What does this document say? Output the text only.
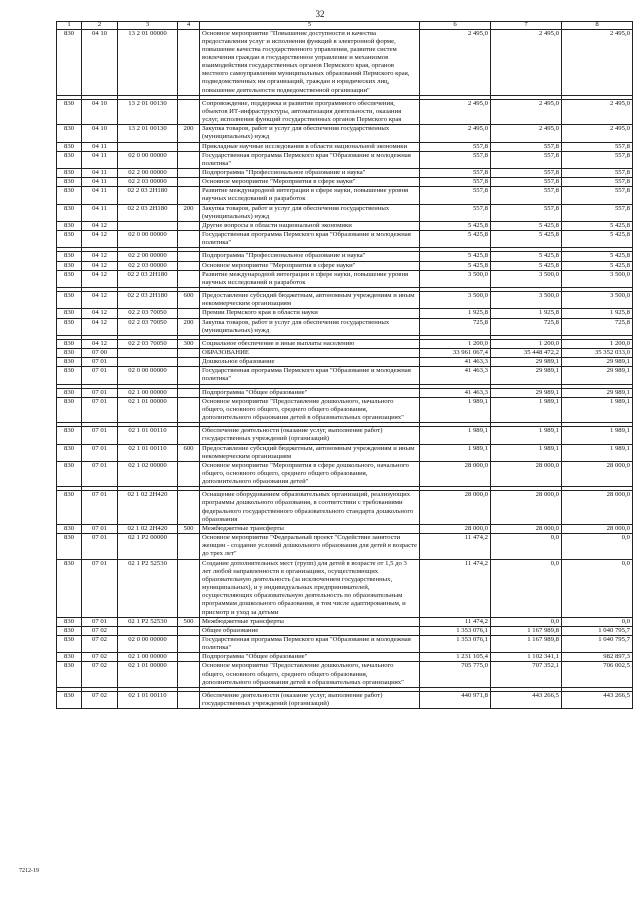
32
1	2	3	4	5	6	7	8
830	04 10	13 2 01 00000		Основное мероприятие "Повышение доступности и качества предоставления услуг и исполнения функций в электронной форме, повышение качества государственного управления, развитие систем вовлечения граждан в государственное управление и механизмов взаимодействия государственных органов Пермского края, органов местного самоуправления муниципальных образований Пермского края, подведомственных им организаций, граждан и юридических лиц, повышение деятельности подведомственной организации"	2 495,0	2 495,0	2 495,0

830	04 10	13 2 01 00130		Сопровождение, поддержка и развитие программного обеспечения, объектов ИТ-инфраструктуры, автоматизация деятельности, оказания услуг, исполнения функций государственных органов Пермского края	2 495,0	2 495,0	2 495,0
830	04 10	13 2 01 00130	200	Закупка товаров, работ и услуг для обеспечения государственных (муниципальных) нужд	2 495,0	2 495,0	2 495,0
830	04 11			Прикладные научные исследования в области национальной экономики	557,8	557,8	557,8
830	04 11	02 0 00 00000		Государственная программа Пермского края "Образование и молодежная политика"	557,8	557,8	557,8
830	04 11	02 2 00 00000		Подпрограмма "Профессиональное образование и наука"	557,8	557,8	557,8
830	04 11	02 2 03 00000		Основное мероприятие "Мероприятия в сфере науки"	557,8	557,8	557,8
830	04 11	02 2 03 2Н180		Развитие международной интеграции в сфере науки, повышение уровня научных исследований и разработок	557,8	557,8	557,8
830	04 11	02 2 03 2Н180	200	Закупка товаров, работ и услуг для обеспечения государственных (муниципальных) нужд	557,8	557,8	557,8
830	04 12			Другие вопросы в области национальной экономики	5 425,8	5 425,8	5 425,8
830	04 12	02 0 00 00000		Государственная программа Пермского края "Образование и молодежная политика"	5 425,8	5 425,8	5 425,8

830	04 12	02 2 00 00000		Подпрограмма "Профессиональное образование и наука"	5 425,8	5 425,8	5 425,8
830	04 12	02 2 03 00000		Основное мероприятие "Мероприятия в сфере науки"	5 425,8	5 425,8	5 425,8
830	04 12	02 2 03 2Н180		Развитие международной интеграции в сфере науки, повышение уровня научных исследований и разработок	3 500,0	3 500,0	3 500,0

830	04 12	02 2 03 2Н180	600	Предоставление субсидий бюджетным, автономным учреждениям и иным некоммерческим организациям	3 500,0	3 500,0	3 500,0
830	04 12	02 2 03 70050		Премии Пермского края в области науки	1 925,8	1 925,8	1 925,8
830	04 12	02 2 03 70050	200	Закупка товаров, работ и услуг для обеспечения государственных (муниципальных) нужд	725,8	725,8	725,8

830	04 12	02 2 03 70050	300	Социальное обеспечение и иные выплаты населению	1 200,0	1 200,0	1 200,0
830	07 00			ОБРАЗОВАНИЕ	33 961 067,4	35 448 472,2	35 352 033,0
830	07 01			Дошкольное образование	41 463,3	29 989,1	29 989,1
830	07 01	02 0 00 00000		Государственная программа Пермского края "Образование и молодежная политика"	41 463,3	29 989,1	29 989,1

830	07 01	02 1 00 00000		Подпрограмма "Общее образование"	41 463,3	29 989,1	29 989,1
830	07 01	02 1 01 00000		Основное мероприятие "Предоставление дошкольного, начального общего, основного общего, среднего общего образования, дополнительного образования детей в образовательных организациях"	1 989,1	1 989,1	1 989,1

830	07 01	02 1 01 00110		Обеспечение деятельности (оказание услуг, выполнение работ) государственных учреждений (организаций)	1 989,1	1 989,1	1 989,1
830	07 01	02 1 01 00110	600	Предоставление субсидий бюджетным, автономным учреждениям и иным некоммерческим организациям	1 989,1	1 989,1	1 989,1
830	07 01	02 1 02 00000		Основное мероприятие "Мероприятия в сфере дошкольного, начального общего, основного общего, среднего общего образования, дополнительного образования детей"	28 000,0	28 000,0	28 000,0

830	07 01	02 1 02 2Н420		Оснащение оборудованием образовательных организаций, реализующих программы дошкольного образования, в соответствии с требованиями федерального государственного образовательного стандарта дошкольного образования	28 000,0	28 000,0	28 000,0
830	07 01	02 1 02 2Н420	500	Межбюджетные трансферты	28 000,0	28 000,0	28 000,0
830	07 01	02 1 Р2 00000		Основное мероприятие "Федеральный проект "Содействие занятости женщин - создание условий дошкольного образования для детей в возрасте до трех лет"	11 474,2	0,0	0,0
830	07 01	02 1 Р2 52530		Создание дополнительных мест (групп) для детей в возрасте от 1,5 до 3 лет любой направленности в организациях, осуществляющих образовательную деятельность (за исключением государственных, муниципальных), и у индивидуальных предпринимателей, осуществляющих образовательную деятельность по образовательным программам дошкольного образования, в том числе адаптированным, и присмотр и уход за детьми	11 474,2	0,0	0,0
830	07 01	02 1 Р2 52530	500	Межбюджетные трансферты	11 474,2	0,0	0,0
830	07 02			Общее образование	1 353 076,1	1 167 989,8	1 040 795,7
830	07 02	02 0 00 00000		Государственная программа Пермского края "Образование и молодежная политика"	1 353 076,1	1 167 989,8	1 040 795,7
830	07 02	02 1 00 00000		Подпрограмма "Общее образование"	1 231 105,4	1 102 341,1	982 897,3
830	07 02	02 1 01 00000		Основное мероприятие "Предоставление дошкольного, начального общего, основного общего, среднего общего образования, дополнительного образования детей в образовательных организациях"	705 775,0	707 352,1	706 002,5

830	07 02	02 1 01 00110		Обеспечение деятельности (оказание услуг, выполнение работ) государственных учреждений (организаций)	440 971,8	443 266,5	443 266,5
7212-19
